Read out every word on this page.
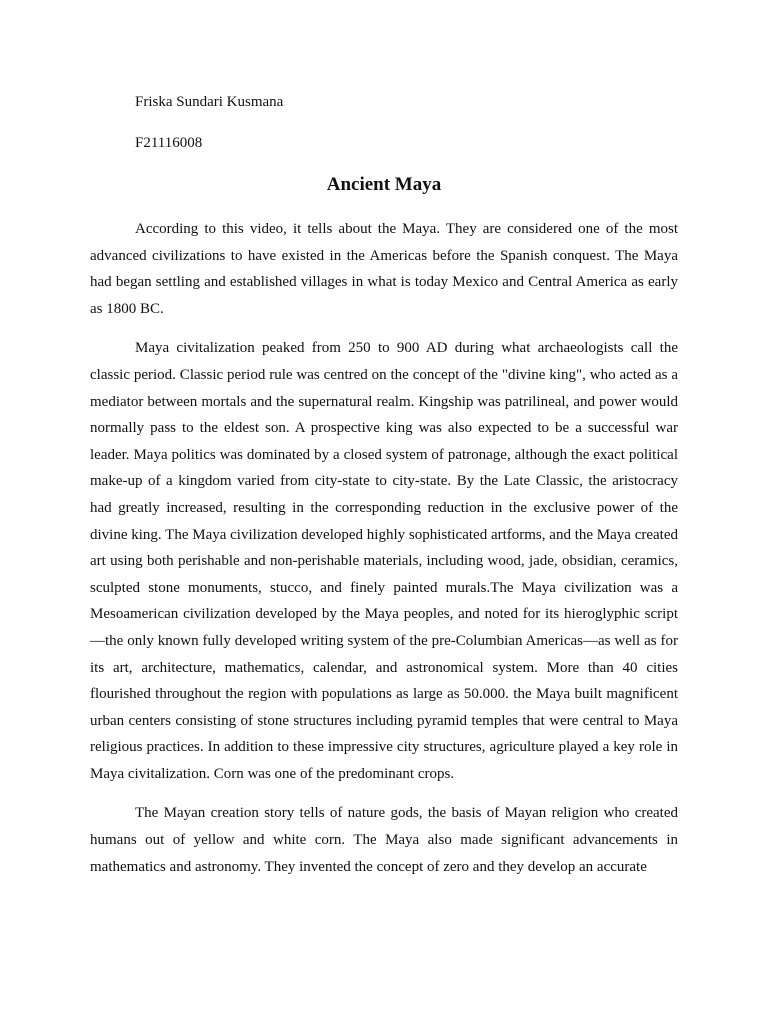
Friska Sundari Kusmana

F21116008

Ancient Maya

According to this video, it tells about the Maya. They are considered one of the most advanced civilizations to have existed in the Americas before the Spanish conquest. The Maya had began settling and established villages in what is today Mexico and Central America as early as 1800 BC.

Maya civitalization peaked from 250 to 900 AD during what archaeologists call the classic period. Classic period rule was centred on the concept of the "divine king", who acted as a mediator between mortals and the supernatural realm. Kingship was patrilineal, and power would normally pass to the eldest son. A prospective king was also expected to be a successful war leader. Maya politics was dominated by a closed system of patronage, although the exact political make-up of a kingdom varied from city-state to city-state. By the Late Classic, the aristocracy had greatly increased, resulting in the corresponding reduction in the exclusive power of the divine king. The Maya civilization developed highly sophisticated artforms, and the Maya created art using both perishable and non-perishable materials, including wood, jade, obsidian, ceramics, sculpted stone monuments, stucco, and finely painted murals.The Maya civilization was a Mesoamerican civilization developed by the Maya peoples, and noted for its hieroglyphic script—the only known fully developed writing system of the pre-Columbian Americas—as well as for its art, architecture, mathematics, calendar, and astronomical system. More than 40 cities flourished throughout the region with populations as large as 50.000. the Maya built magnificent urban centers consisting of stone structures including pyramid temples that were central to Maya religious practices. In addition to these impressive city structures, agriculture played a key role in Maya civitalization. Corn was one of the predominant crops.

The Mayan creation story tells of nature gods, the basis of Mayan religion who created humans out of yellow and white corn. The Maya also made significant advancements in mathematics and astronomy. They invented the concept of zero and they develop an accurate
